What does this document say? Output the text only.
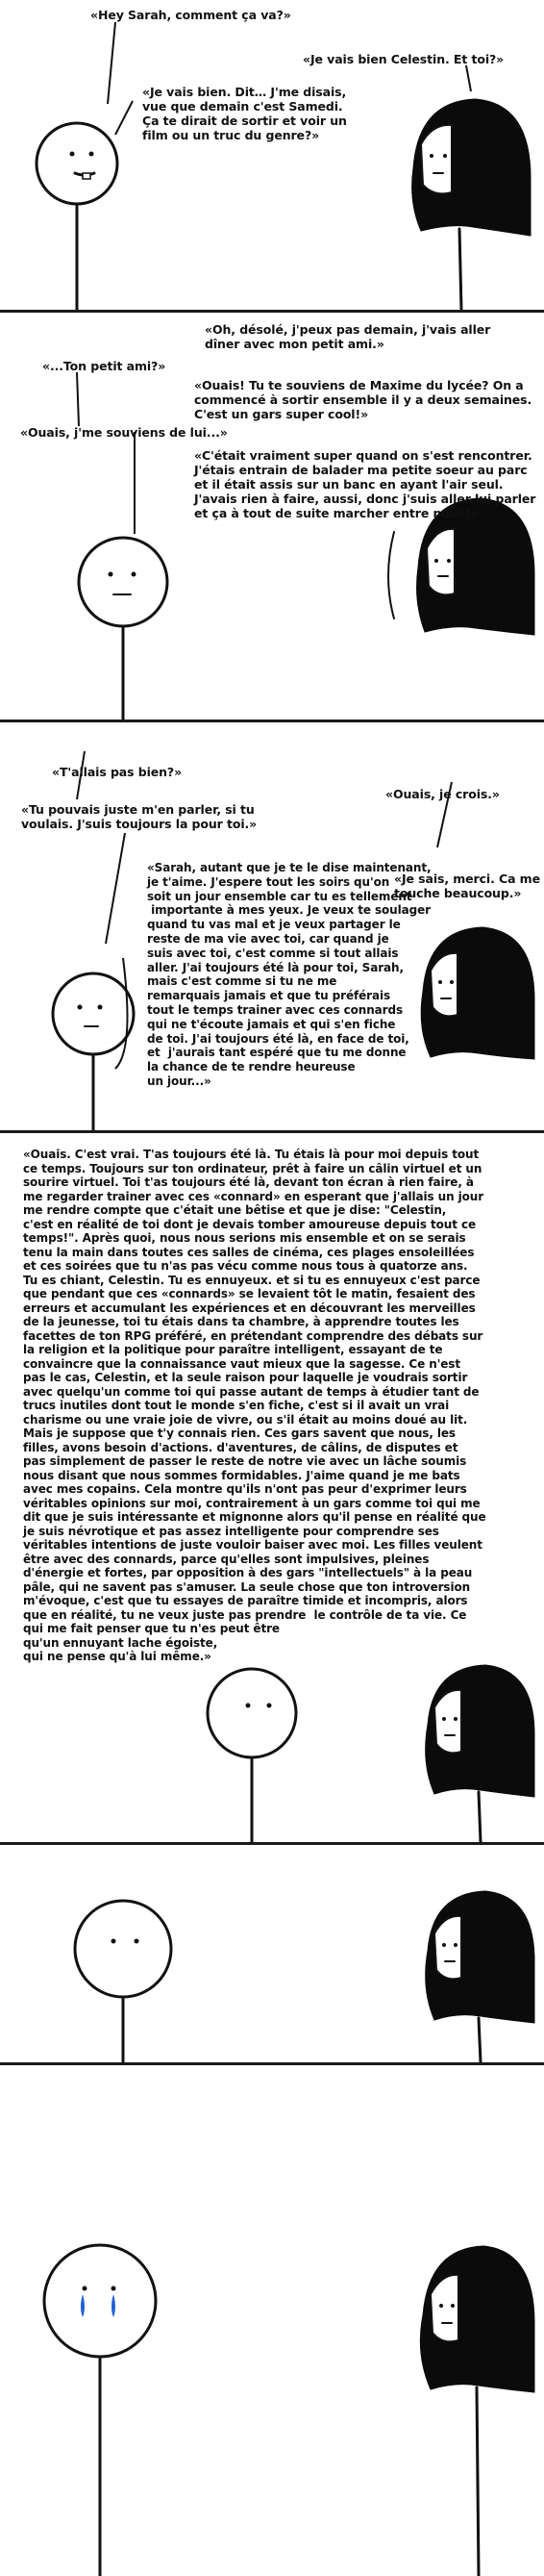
«Hey Sarah, comment ça va?»
«Je vais bien Celestin. Et toi?»
«Je vais bien. Dit… J'me disais,
vue que demain c'est Samedi.
Ça te dirait de sortir et voir un
film ou un truc du genre?»
«Oh, désolé, j'peux pas demain, j'vais aller
dîner avec mon petit ami.»
«...Ton petit ami?»
«Ouais! Tu te souviens de Maxime du lycée? On a
commencé à sortir ensemble il y a deux semaines.
C'est un gars super cool!»
«Ouais, j'me souviens de lui...»
«C'était vraiment super quand on s'est rencontrer.
J'étais entrain de balader ma petite soeur au parc
et il était assis sur un banc en ayant l'air seul.
J'avais rien à faire, aussi, donc j'suis aller lui parler
et ça à tout de suite marcher entre nous!»
«T'allais pas bien?»
«Ouais, je crois.»
«Tu pouvais juste m'en parler, si tu
voulais. J'suis toujours la pour toi.»
«Je sais, merci. Ca me
touche beaucoup.»
«Sarah, autant que je te le dise maintenant,
je t'aime. J'espere tout les soirs qu'on
soit un jour ensemble car tu es tellement
importante à mes yeux. Je veux te soulager
quand tu vas mal et je veux partager le
reste de ma vie avec toi, car quand je
suis avec toi, c'est comme si tout allais
aller. J'ai toujours été là pour toi, Sarah,
mais c'est comme si tu ne me
remarquais jamais et que tu préférais
tout le temps trainer avec ces connards
qui ne t'écoute jamais et qui s'en fiche
de toi. J'ai toujours été là, en face de toi,
et  j'aurais tant espéré que tu me donne
la chance de te rendre heureuse
un jour...»
«Ouais. C'est vrai. T'as toujours été là. Tu étais là pour moi depuis tout
ce temps. Toujours sur ton ordinateur, prêt à faire un câlin virtuel et un
sourire virtuel. Toi t'as toujours été là, devant ton écran à rien faire, à
me regarder trainer avec ces «connard» en esperant que j'allais un jour
me rendre compte que c'était une bêtise et que je dise: "Celestin,
c'est en réalité de toi dont je devais tomber amoureuse depuis tout ce
temps!". Après quoi, nous nous serions mis ensemble et on se serais
tenu la main dans toutes ces salles de cinéma, ces plages ensoleillées
et ces soirées que tu n'as pas vécu comme nous tous à quatorze ans.
Tu es chiant, Celestin. Tu es ennuyeux. et si tu es ennuyeux c'est parce
que pendant que ces «connards» se levaient tôt le matin, fesaient des
erreurs et accumulant les expériences et en découvrant les merveilles
de la jeunesse, toi tu étais dans ta chambre, à apprendre toutes les
facettes de ton RPG préféré, en prétendant comprendre des débats sur
la religion et la politique pour paraître intelligent, essayant de te
convaincre que la connaissance vaut mieux que la sagesse. Ce n'est
pas le cas, Celestin, et la seule raison pour laquelle je voudrais sortir
avec quelqu'un comme toi qui passe autant de temps à étudier tant de
trucs inutiles dont tout le monde s'en fiche, c'est si il avait un vrai
charisme ou une vraie joie de vivre, ou s'il était au moins doué au lit.
Mais je suppose que t'y connais rien. Ces gars savent que nous, les
filles, avons besoin d'actions. d'aventures, de câlins, de disputes et
pas simplement de passer le reste de notre vie avec un lâche soumis
nous disant que nous sommes formidables. J'aime quand je me bats
avec mes copains. Cela montre qu'ils n'ont pas peur d'exprimer leurs
véritables opinions sur moi, contrairement à un gars comme toi qui me
dit que je suis intéressante et mignonne alors qu'il pense en réalité que
je suis névrotique et pas assez intelligente pour comprendre ses
véritables intentions de juste vouloir baiser avec moi. Les filles veulent
être avec des connards, parce qu'elles sont impulsives, pleines
d'énergie et fortes, par opposition à des gars "intellectuels" à la peau
pâle, qui ne savent pas s'amuser. La seule chose que ton introversion
m'évoque, c'est que tu essayes de paraître timide et incompris, alors
que en réalité, tu ne veux juste pas prendre  le contrôle de ta vie. Ce
qui me fait penser que tu n'es peut être
qu'un ennuyant lache égoiste,
qui ne pense qu'à lui même.»
